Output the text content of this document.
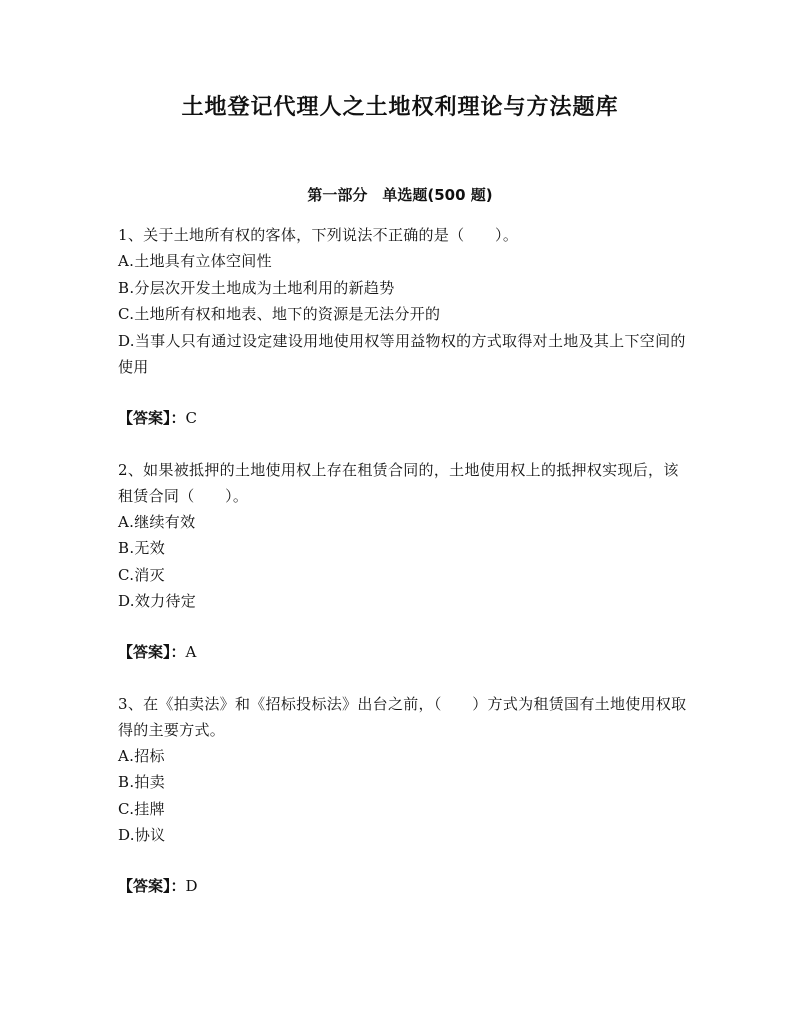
土地登记代理人之土地权利理论与方法题库
第一部分　单选题(500 题)

1、关于土地所有权的客体，下列说法不正确的是（　　）。

A.土地具有立体空间性
B.分层次开发土地成为土地利用的新趋势
C.土地所有权和地表、地下的资源是无法分开的
D.当事人只有通过设定建设用地使用权等用益物权的方式取得对土地及其上下空间的使用

【答案】：C

2、如果被抵押的土地使用权上存在租赁合同的，土地使用权上的抵押权实现后，该租赁合同（　　）。

A.继续有效
B.无效
C.消灭
D.效力待定

【答案】：A

3、在《拍卖法》和《招标投标法》出台之前，（　　）方式为租赁国有土地使用权取得的主要方式。

A.招标
B.拍卖
C.挂牌
D.协议

【答案】：D
